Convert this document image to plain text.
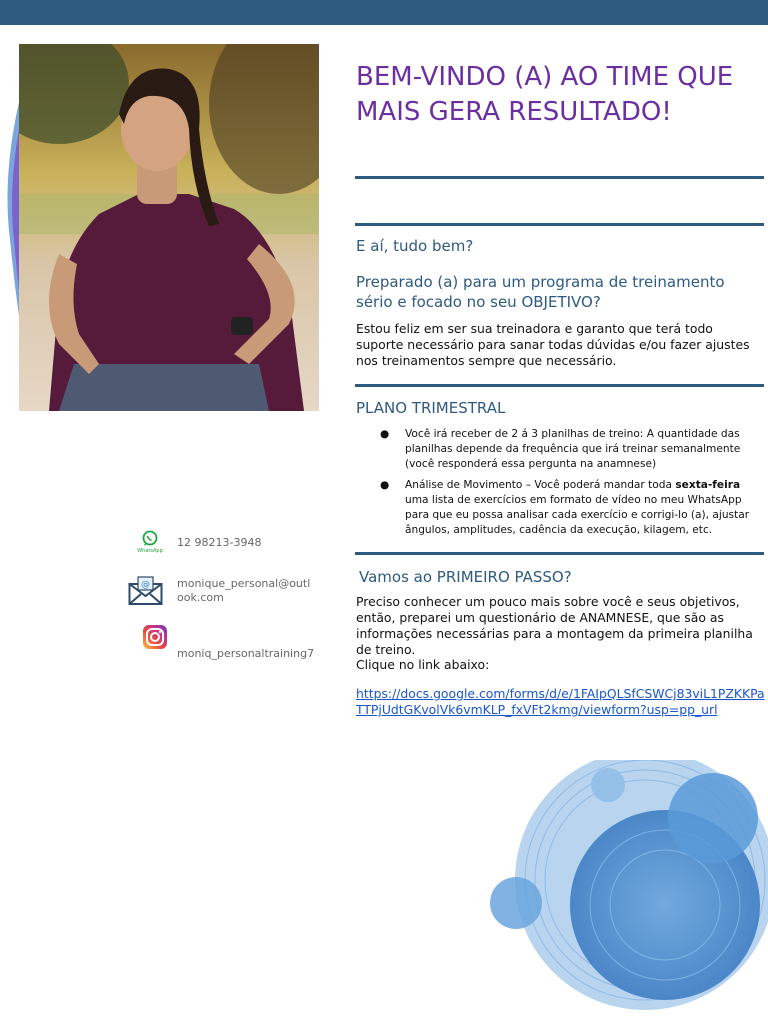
BEM-VINDO (A) AO TIME QUE MAIS GERA RESULTADO!
E aí, tudo bem?
Preparado (a) para um programa de treinamento sério e focado no seu OBJETIVO?
Estou feliz em ser sua treinadora e garanto que terá todo suporte necessário para sanar todas dúvidas e/ou fazer ajustes nos treinamentos sempre que necessário.
PLANO TRIMESTRAL
● Você irá receber de 2 á 3 planilhas de treino: A quantidade das planilhas depende da frequência que irá treinar semanalmente (você responderá essa pergunta na anamnese)
● Análise de Movimento – Você poderá mandar toda sexta-feira uma lista de exercícios em formato de vídeo no meu WhatsApp para que eu possa analisar cada exercício e corrigi-lo (a), ajustar ângulos, amplitudes, cadência da execução, kilagem, etc.
Vamos ao PRIMEIRO PASSO?
Preciso conhecer um pouco mais sobre você e seus objetivos, então, preparei um questionário de ANAMNESE, que são as informações necessárias para a montagem da primeira planilha de treino.
Clique no link abaixo:
https://docs.google.com/forms/d/e/1FAIpQLSfCSWCj83viL1PZKKPaTTPjUdtGKvolVk6vmKLP_fxVFt2kmg/viewform?usp=pp_url
WhatsApp
12 98213-3948
@ monique_personal@outlook.com
moniq_personaltraining7
